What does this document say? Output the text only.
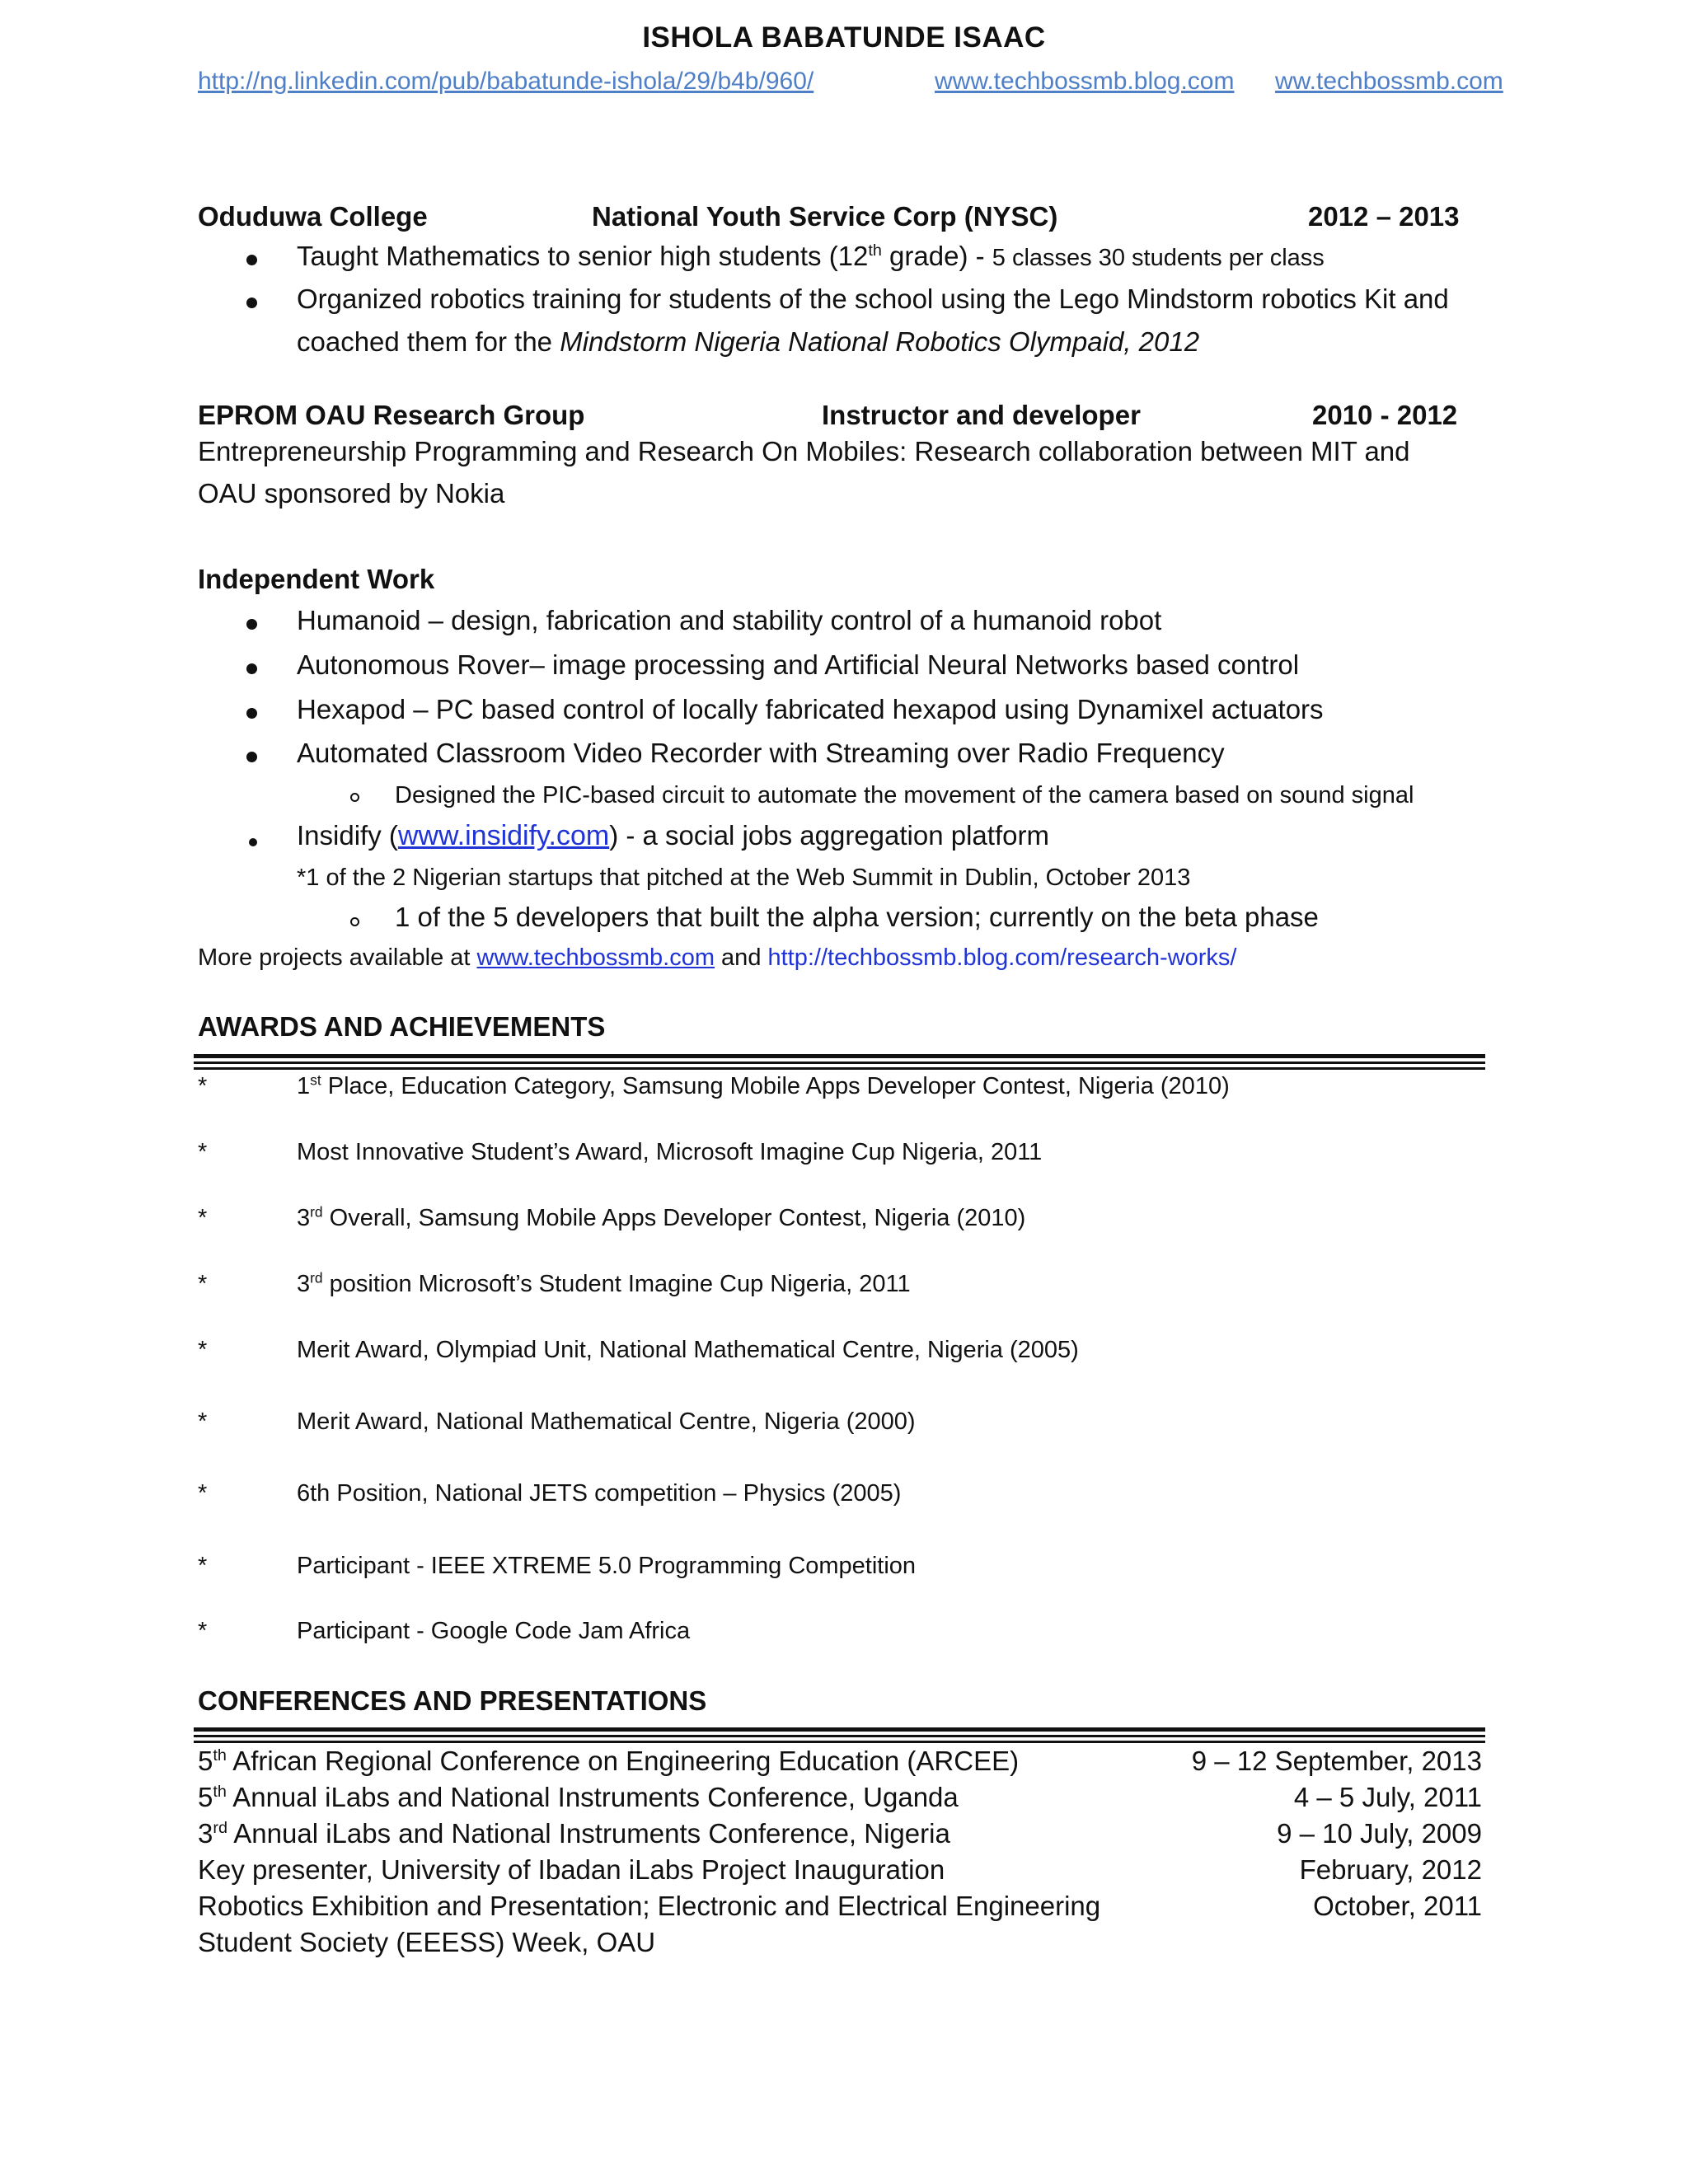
ISHOLA BABATUNDE ISAAC
http://ng.linkedin.com/pub/babatunde-ishola/29/b4b/960/	www.techbossmb.blog.com ww.techbossmb.com
Oduduwa College	National Youth Service Corp (NYSC)	2012 – 2013
Taught Mathematics to senior high students (12th grade) - 5 classes 30 students per class
Organized robotics training for students of the school using the Lego Mindstorm robotics Kit and
coached them for the Mindstorm Nigeria National Robotics Olympaid, 2012
EPROM OAU Research Group	Instructor and developer	2010 - 2012
Entrepreneurship Programming and Research On Mobiles: Research collaboration between MIT and
OAU sponsored by Nokia
Independent Work
Humanoid – design, fabrication and stability control of a humanoid robot
Autonomous Rover– image processing and Artificial Neural Networks based control
Hexapod – PC based control of locally fabricated hexapod using Dynamixel actuators
Automated Classroom Video Recorder with Streaming over Radio Frequency
Designed the PIC-based circuit to automate the movement of the camera based on sound signal
Insidify (www.insidify.com) - a social jobs aggregation platform
*1 of the 2 Nigerian startups that pitched at the Web Summit in Dublin, October 2013
1 of the 5 developers that built the alpha version; currently on the beta phase
More projects available at www.techbossmb.com and http://techbossmb.blog.com/research-works/
AWARDS AND ACHIEVEMENTS
*	1st Place, Education Category, Samsung Mobile Apps Developer Contest, Nigeria (2010)
*	Most Innovative Student’s Award, Microsoft Imagine Cup Nigeria, 2011
*	3rd Overall, Samsung Mobile Apps Developer Contest, Nigeria (2010)
*	3rd position Microsoft’s Student Imagine Cup Nigeria, 2011
*	Merit Award, Olympiad Unit, National Mathematical Centre, Nigeria (2005)
*	Merit Award, National Mathematical Centre, Nigeria (2000)
*	6th Position, National JETS competition – Physics (2005)
*	Participant - IEEE XTREME 5.0 Programming Competition
*	Participant - Google Code Jam Africa
CONFERENCES AND PRESENTATIONS
5th African Regional Conference on Engineering Education (ARCEE)	9 – 12 September, 2013
5th Annual iLabs and National Instruments Conference, Uganda	4 – 5 July, 2011
3rd Annual iLabs and National Instruments Conference, Nigeria	9 – 10 July, 2009
Key presenter, University of Ibadan iLabs Project Inauguration	February, 2012
Robotics Exhibition and Presentation; Electronic and Electrical Engineering	October, 2011
Student Society (EEESS) Week, OAU
